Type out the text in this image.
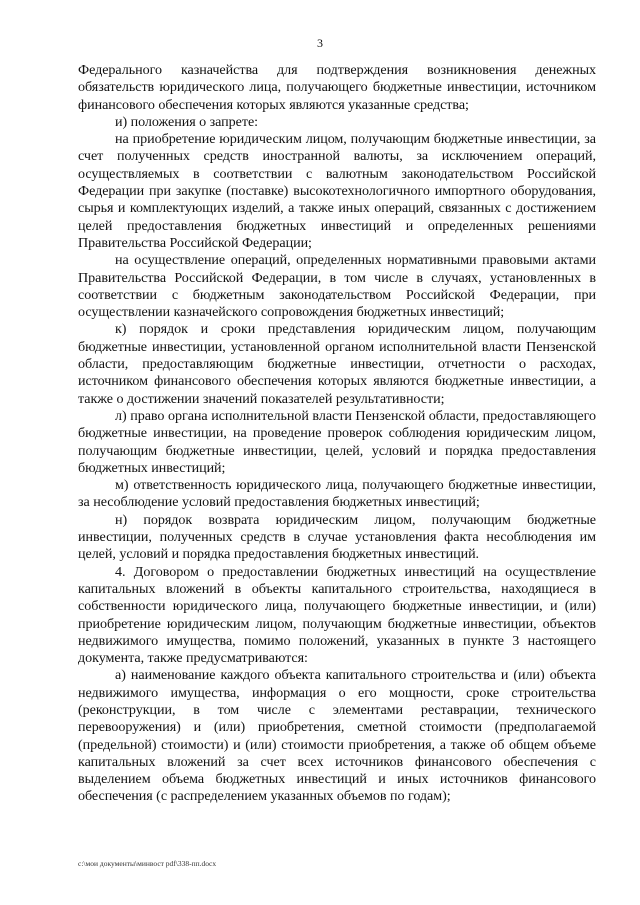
3

Федерального казначейства для подтверждения возникновения денежных обязательств юридического лица, получающего бюджетные инвестиции, источником финансового обеспечения которых являются указанные средства;

и) положения о запрете:

на приобретение юридическим лицом, получающим бюджетные инвестиции, за счет полученных средств иностранной валюты, за исключением операций, осуществляемых в соответствии с валютным законодательством Российской Федерации при закупке (поставке) высокотехнологичного импортного оборудования, сырья и комплектующих изделий, а также иных операций, связанных с достижением целей предоставления бюджетных инвестиций и определенных решениями Правительства Российской Федерации;

на осуществление операций, определенных нормативными правовыми актами Правительства Российской Федерации, в том числе в случаях, установленных в соответствии с бюджетным законодательством Российской Федерации, при осуществлении казначейского сопровождения бюджетных инвестиций;

к) порядок и сроки представления юридическим лицом, получающим бюджетные инвестиции, установленной органом исполнительной власти Пензенской области, предоставляющим бюджетные инвестиции, отчетности о расходах, источником финансового обеспечения которых являются бюджетные инвестиции, а также о достижении значений показателей результативности;

л) право органа исполнительной власти Пензенской области, предоставляющего бюджетные инвестиции, на проведение проверок соблюдения юридическим лицом, получающим бюджетные инвестиции, целей, условий и порядка предоставления бюджетных инвестиций;

м) ответственность юридического лица, получающего бюджетные инвестиции, за несоблюдение условий предоставления бюджетных инвестиций;

н) порядок возврата юридическим лицом, получающим бюджетные инвестиции, полученных средств в случае установления факта несоблюдения им целей, условий и порядка предоставления бюджетных инвестиций.

4. Договором о предоставлении бюджетных инвестиций на осуществление капитальных вложений в объекты капитального строительства, находящиеся в собственности юридического лица, получающего бюджетные инвестиции, и (или) приобретение юридическим лицом, получающим бюджетные инвестиции, объектов недвижимого имущества, помимо положений, указанных в пункте 3 настоящего документа, также предусматриваются:

а) наименование каждого объекта капитального строительства и (или) объекта недвижимого имущества, информация о его мощности, сроке строительства (реконструкции, в том числе с элементами реставрации, технического перевооружения) и (или) приобретения, сметной стоимости (предполагаемой (предельной) стоимости) и (или) стоимости приобретения, а также об общем объеме капитальных вложений за счет всех источников финансового обеспечения с выделением объема бюджетных инвестиций и иных источников финансового обеспечения (с распределением указанных объемов по годам);

c:\мои документы\минвост pdf\338-пп.docx
